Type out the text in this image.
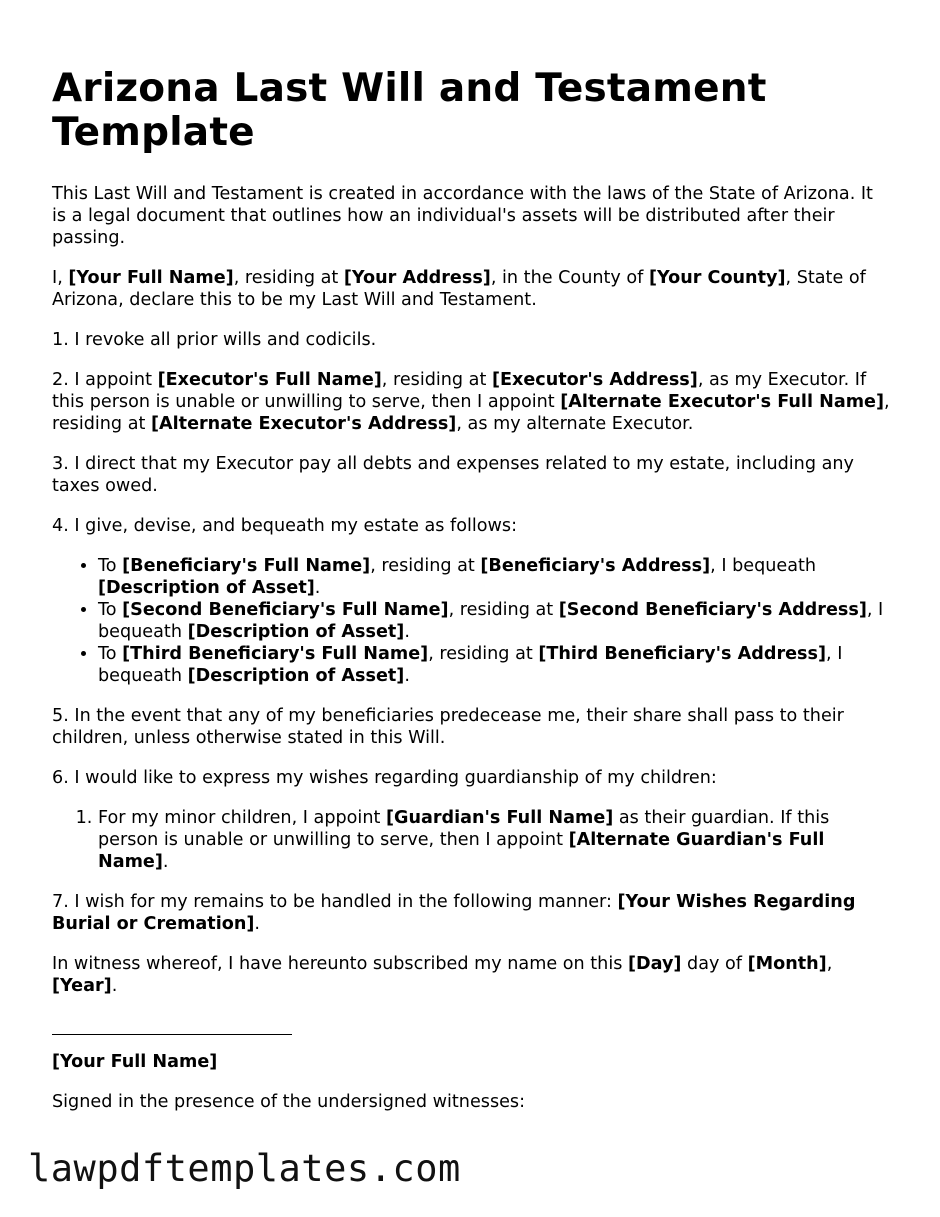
Arizona Last Will and Testament Template

This Last Will and Testament is created in accordance with the laws of the State of Arizona. It is a legal document that outlines how an individual's assets will be distributed after their passing.

I, [Your Full Name], residing at [Your Address], in the County of [Your County], State of Arizona, declare this to be my Last Will and Testament.

1. I revoke all prior wills and codicils.

2. I appoint [Executor's Full Name], residing at [Executor's Address], as my Executor. If this person is unable or unwilling to serve, then I appoint [Alternate Executor's Full Name], residing at [Alternate Executor's Address], as my alternate Executor.

3. I direct that my Executor pay all debts and expenses related to my estate, including any taxes owed.

4. I give, devise, and bequeath my estate as follows:

• To [Beneficiary's Full Name], residing at [Beneficiary's Address], I bequeath [Description of Asset].
• To [Second Beneficiary's Full Name], residing at [Second Beneficiary's Address], I bequeath [Description of Asset].
• To [Third Beneficiary's Full Name], residing at [Third Beneficiary's Address], I bequeath [Description of Asset].

5. In the event that any of my beneficiaries predecease me, their share shall pass to their children, unless otherwise stated in this Will.

6. I would like to express my wishes regarding guardianship of my children:

1. For my minor children, I appoint [Guardian's Full Name] as their guardian. If this person is unable or unwilling to serve, then I appoint [Alternate Guardian's Full Name].

7. I wish for my remains to be handled in the following manner: [Your Wishes Regarding Burial or Cremation].

In witness whereof, I have hereunto subscribed my name on this [Day] day of [Month], [Year].

[Your Full Name]

Signed in the presence of the undersigned witnesses:

lawpdftemplates.com
